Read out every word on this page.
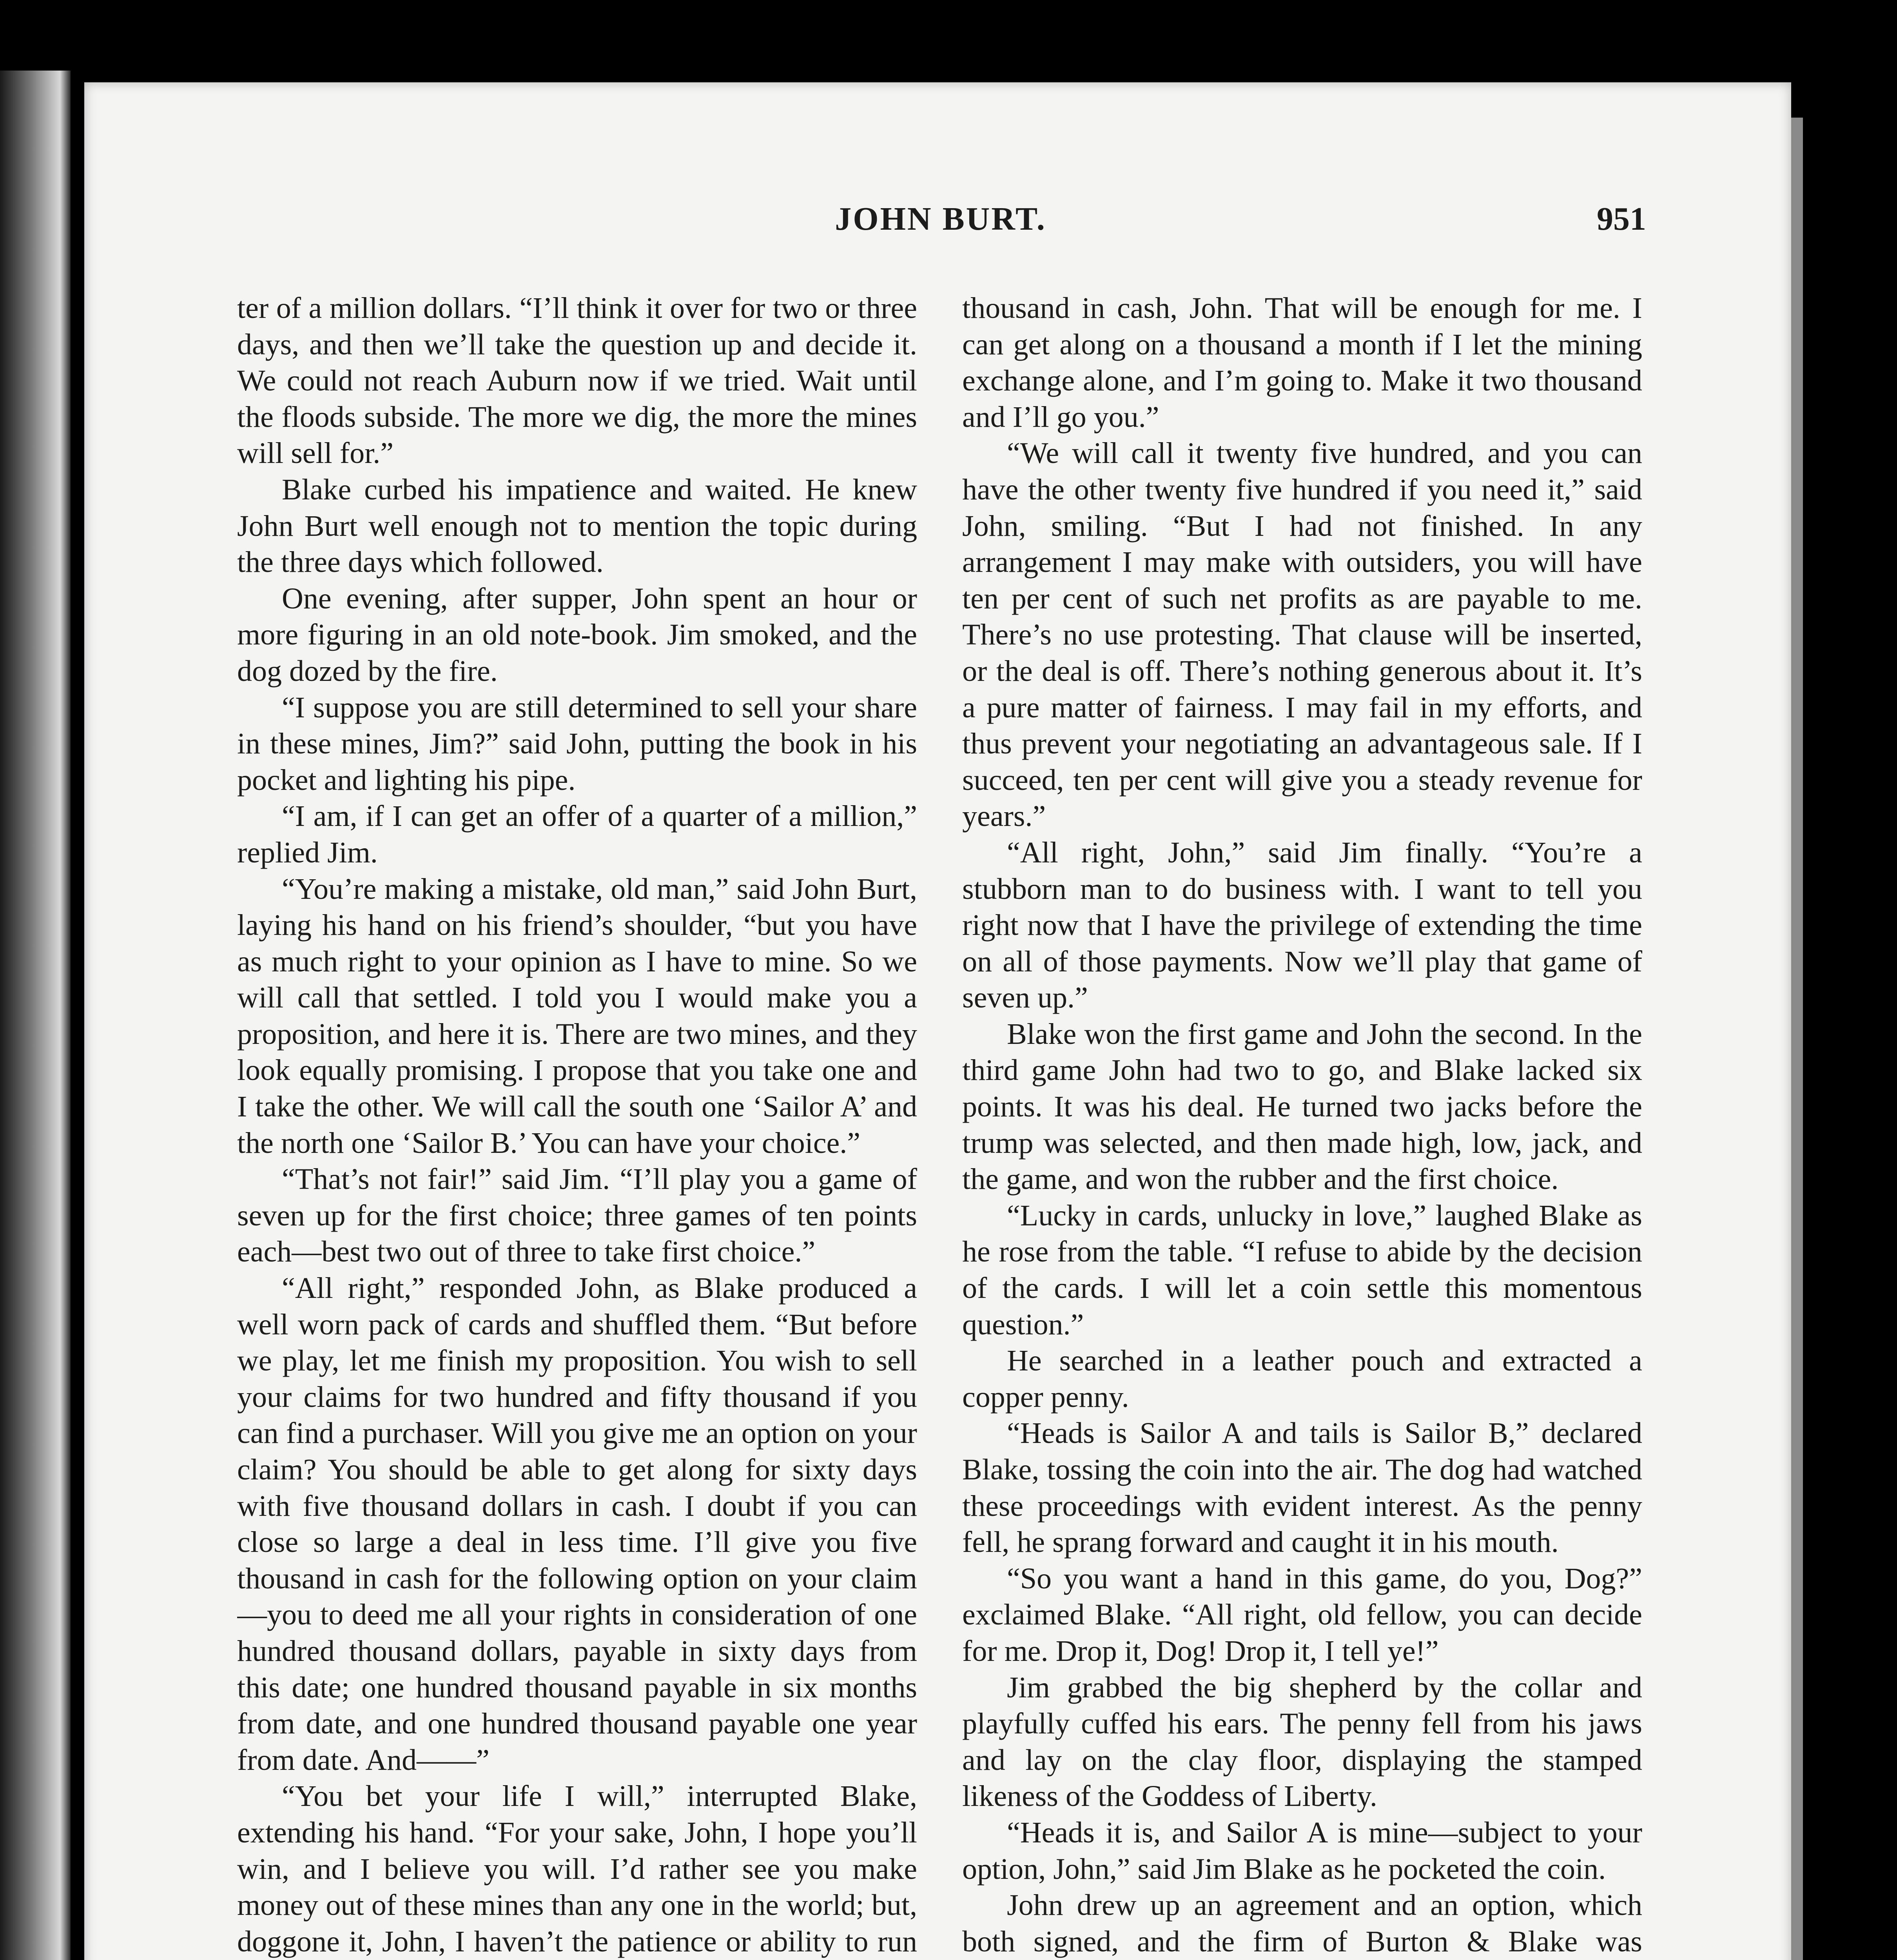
JOHN BURT.	951

ter of a million dollars. “I’ll think it over for two or three days, and then we’ll take the question up and decide it. We could not reach Auburn now if we tried. Wait until the floods subside. The more we dig, the more the mines will sell for.”

Blake curbed his impatience and waited. He knew John Burt well enough not to mention the topic during the three days which followed.

One evening, after supper, John spent an hour or more figuring in an old note-book. Jim smoked, and the dog dozed by the fire.

“I suppose you are still determined to sell your share in these mines, Jim?” said John, putting the book in his pocket and lighting his pipe.

“I am, if I can get an offer of a quarter of a million,” replied Jim.

“You’re making a mistake, old man,” said John Burt, laying his hand on his friend’s shoulder, “but you have as much right to your opinion as I have to mine. So we will call that settled. I told you I would make you a proposition, and here it is. There are two mines, and they look equally promising. I propose that you take one and I take the other. We will call the south one ‘Sailor A’ and the north one ‘Sailor B.’ You can have your choice.”

“That’s not fair!” said Jim. “I’ll play you a game of seven up for the first choice; three games of ten points each—best two out of three to take first choice.”

“All right,” responded John, as Blake produced a well worn pack of cards and shuffled them. “But before we play, let me finish my proposition. You wish to sell your claims for two hundred and fifty thousand if you can find a purchaser. Will you give me an option on your claim? You should be able to get along for sixty days with five thousand dollars in cash. I doubt if you can close so large a deal in less time. I’ll give you five thousand in cash for the following option on your claim—you to deed me all your rights in consideration of one hundred thousand dollars, payable in sixty days from this date; one hundred thousand payable in six months from date, and one hundred thousand payable one year from date. And——”

“You bet your life I will,” interrupted Blake, extending his hand. “For your sake, John, I hope you’ll win, and I believe you will. I’d rather see you make money out of these mines than any one in the world; but, doggone it, John, I haven’t the patience or ability to run

thousand in cash, John. That will be enough for me. I can get along on a thousand a month if I let the mining exchange alone, and I’m going to. Make it two thousand and I’ll go you.”

“We will call it twenty five hundred, and you can have the other twenty five hundred if you need it,” said John, smiling. “But I had not finished. In any arrangement I may make with outsiders, you will have ten per cent of such net profits as are payable to me. There’s no use protesting. That clause will be inserted, or the deal is off. There’s nothing generous about it. It’s a pure matter of fairness. I may fail in my efforts, and thus prevent your negotiating an advantageous sale. If I succeed, ten per cent will give you a steady revenue for years.”

“All right, John,” said Jim finally. “You’re a stubborn man to do business with. I want to tell you right now that I have the privilege of extending the time on all of those payments. Now we’ll play that game of seven up.”

Blake won the first game and John the second. In the third game John had two to go, and Blake lacked six points. It was his deal. He turned two jacks before the trump was selected, and then made high, low, jack, and the game, and won the rubber and the first choice.

“Lucky in cards, unlucky in love,” laughed Blake as he rose from the table. “I refuse to abide by the decision of the cards. I will let a coin settle this momentous question.”

He searched in a leather pouch and extracted a copper penny.

“Heads is Sailor A and tails is Sailor B,” declared Blake, tossing the coin into the air. The dog had watched these proceedings with evident interest. As the penny fell, he sprang forward and caught it in his mouth.

“So you want a hand in this game, do you, Dog?” exclaimed Blake. “All right, old fellow, you can decide for me. Drop it, Dog! Drop it, I tell ye!”

Jim grabbed the big shepherd by the collar and playfully cuffed his ears. The penny fell from his jaws and lay on the clay floor, displaying the stamped likeness of the Goddess of Liberty.

“Heads it is, and Sailor A is mine—subject to your option, John,” said Jim Blake as he pocketed the coin.

John drew up an agreement and an option, which both signed, and the firm of Burton & Blake was
